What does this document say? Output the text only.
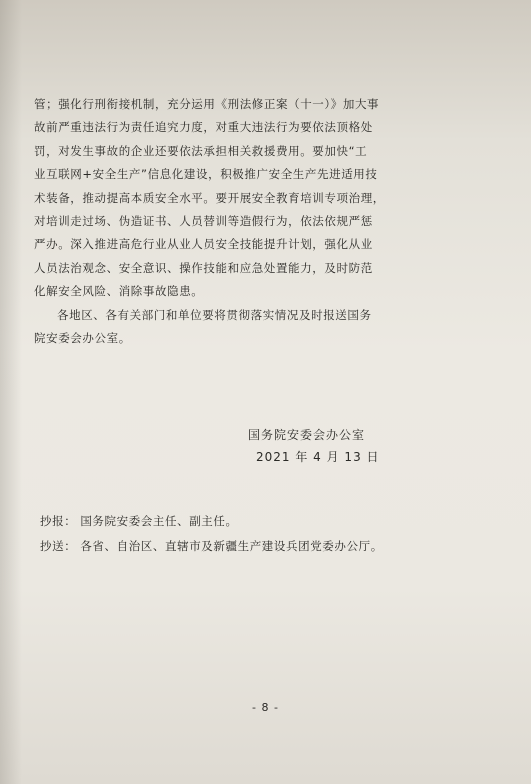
管；强化行刑衔接机制，充分运用《刑法修正案（十一）》加大事
故前严重违法行为责任追究力度，对重大违法行为要依法顶格处
罚，对发生事故的企业还要依法承担相关救援费用。要加快“工
业互联网+安全生产”信息化建设，积极推广安全生产先进适用技
术装备，推动提高本质安全水平。要开展安全教育培训专项治理，
对培训走过场、伪造证书、人员替训等造假行为，依法依规严惩
严办。深入推进高危行业从业人员安全技能提升计划，强化从业
人员法治观念、安全意识、操作技能和应急处置能力，及时防范
化解安全风险、消除事故隐患。
各地区、各有关部门和单位要将贯彻落实情况及时报送国务
院安委会办公室。
国务院安委会办公室
2021 年 4 月 13 日
抄报： 国务院安委会主任、副主任。
抄送： 各省、自治区、直辖市及新疆生产建设兵团党委办公厅。
- 8 -
